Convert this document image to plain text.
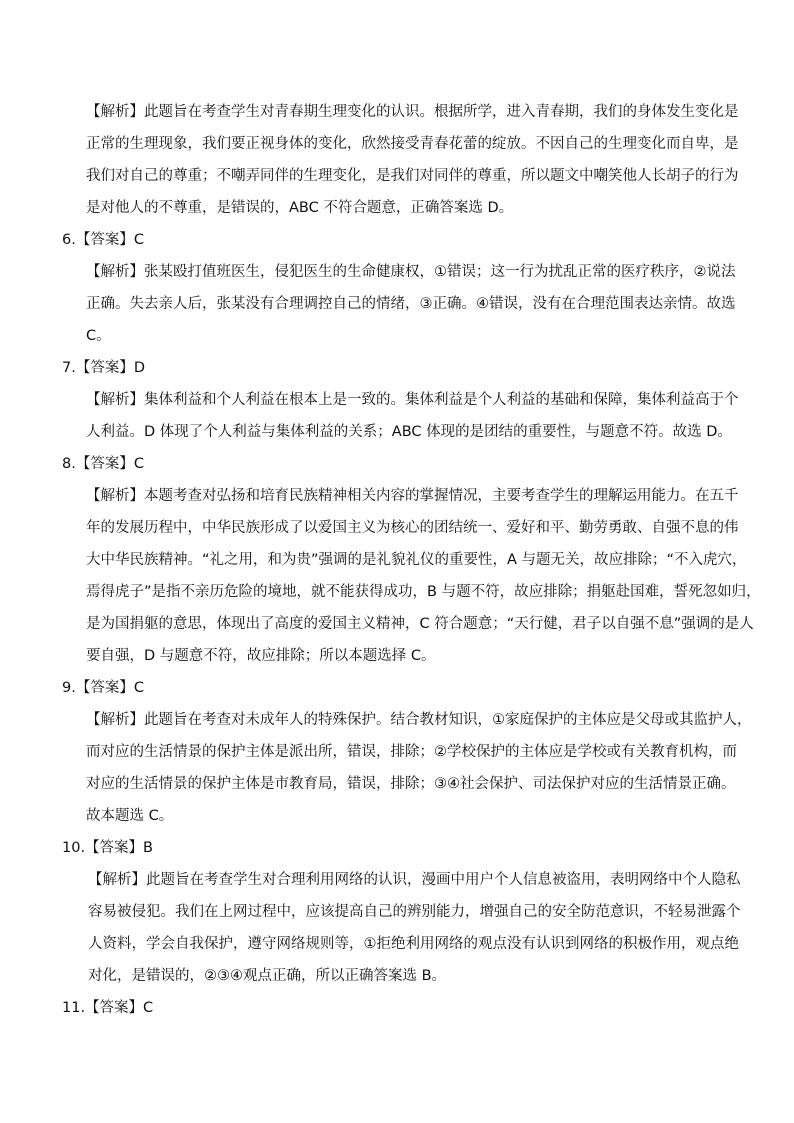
【解析】此题旨在考查学生对青春期生理变化的认识。根据所学，进入青春期，我们的身体发生变化是
正常的生理现象，我们要正视身体的变化，欣然接受青春花蕾的绽放。不因自己的生理变化而自卑，是
我们对自己的尊重；不嘲弄同伴的生理变化，是我们对同伴的尊重，所以题文中嘲笑他人长胡子的行为
是对他人的不尊重，是错误的，ABC 不符合题意，正确答案选 D。
6.【答案】C
【解析】张某殴打值班医生，侵犯医生的生命健康权，①错误；这一行为扰乱正常的医疗秩序，②说法
正确。失去亲人后，张某没有合理调控自己的情绪，③正确。④错误，没有在合理范围表达亲情。故选
C。
7.【答案】D
【解析】集体利益和个人利益在根本上是一致的。集体利益是个人利益的基础和保障，集体利益高于个
人利益。D 体现了个人利益与集体利益的关系；ABC 体现的是团结的重要性，与题意不符。故选 D。
8.【答案】C
【解析】本题考查对弘扬和培育民族精神相关内容的掌握情况，主要考查学生的理解运用能力。在五千
年的发展历程中，中华民族形成了以爱国主义为核心的团结统一、爱好和平、勤劳勇敢、自强不息的伟
大中华民族精神。“礼之用，和为贵”强调的是礼貌礼仪的重要性，A 与题无关，故应排除；“不入虎穴，
焉得虎子”是指不亲历危险的境地，就不能获得成功，B 与题不符，故应排除；捐躯赴国难，誓死忽如归，
是为国捐躯的意思，体现出了高度的爱国主义精神，C 符合题意；“天行健，君子以自强不息”强调的是人
要自强，D 与题意不符，故应排除；所以本题选择 C。
9.【答案】C
【解析】此题旨在考查对未成年人的特殊保护。结合教材知识，①家庭保护的主体应是父母或其监护人，
而对应的生活情景的保护主体是派出所，错误，排除；②学校保护的主体应是学校或有关教育机构，而
对应的生活情景的保护主体是市教育局，错误，排除；③④社会保护、司法保护对应的生活情景正确。
故本题选 C。
10.【答案】B
【解析】此题旨在考查学生对合理利用网络的认识，漫画中用户个人信息被盗用，表明网络中个人隐私
容易被侵犯。我们在上网过程中，应该提高自己的辨别能力，增强自己的安全防范意识，不轻易泄露个
人资料，学会自我保护，遵守网络规则等，①拒绝利用网络的观点没有认识到网络的积极作用，观点绝
对化，是错误的，②③④观点正确，所以正确答案选 B。
11.【答案】C
